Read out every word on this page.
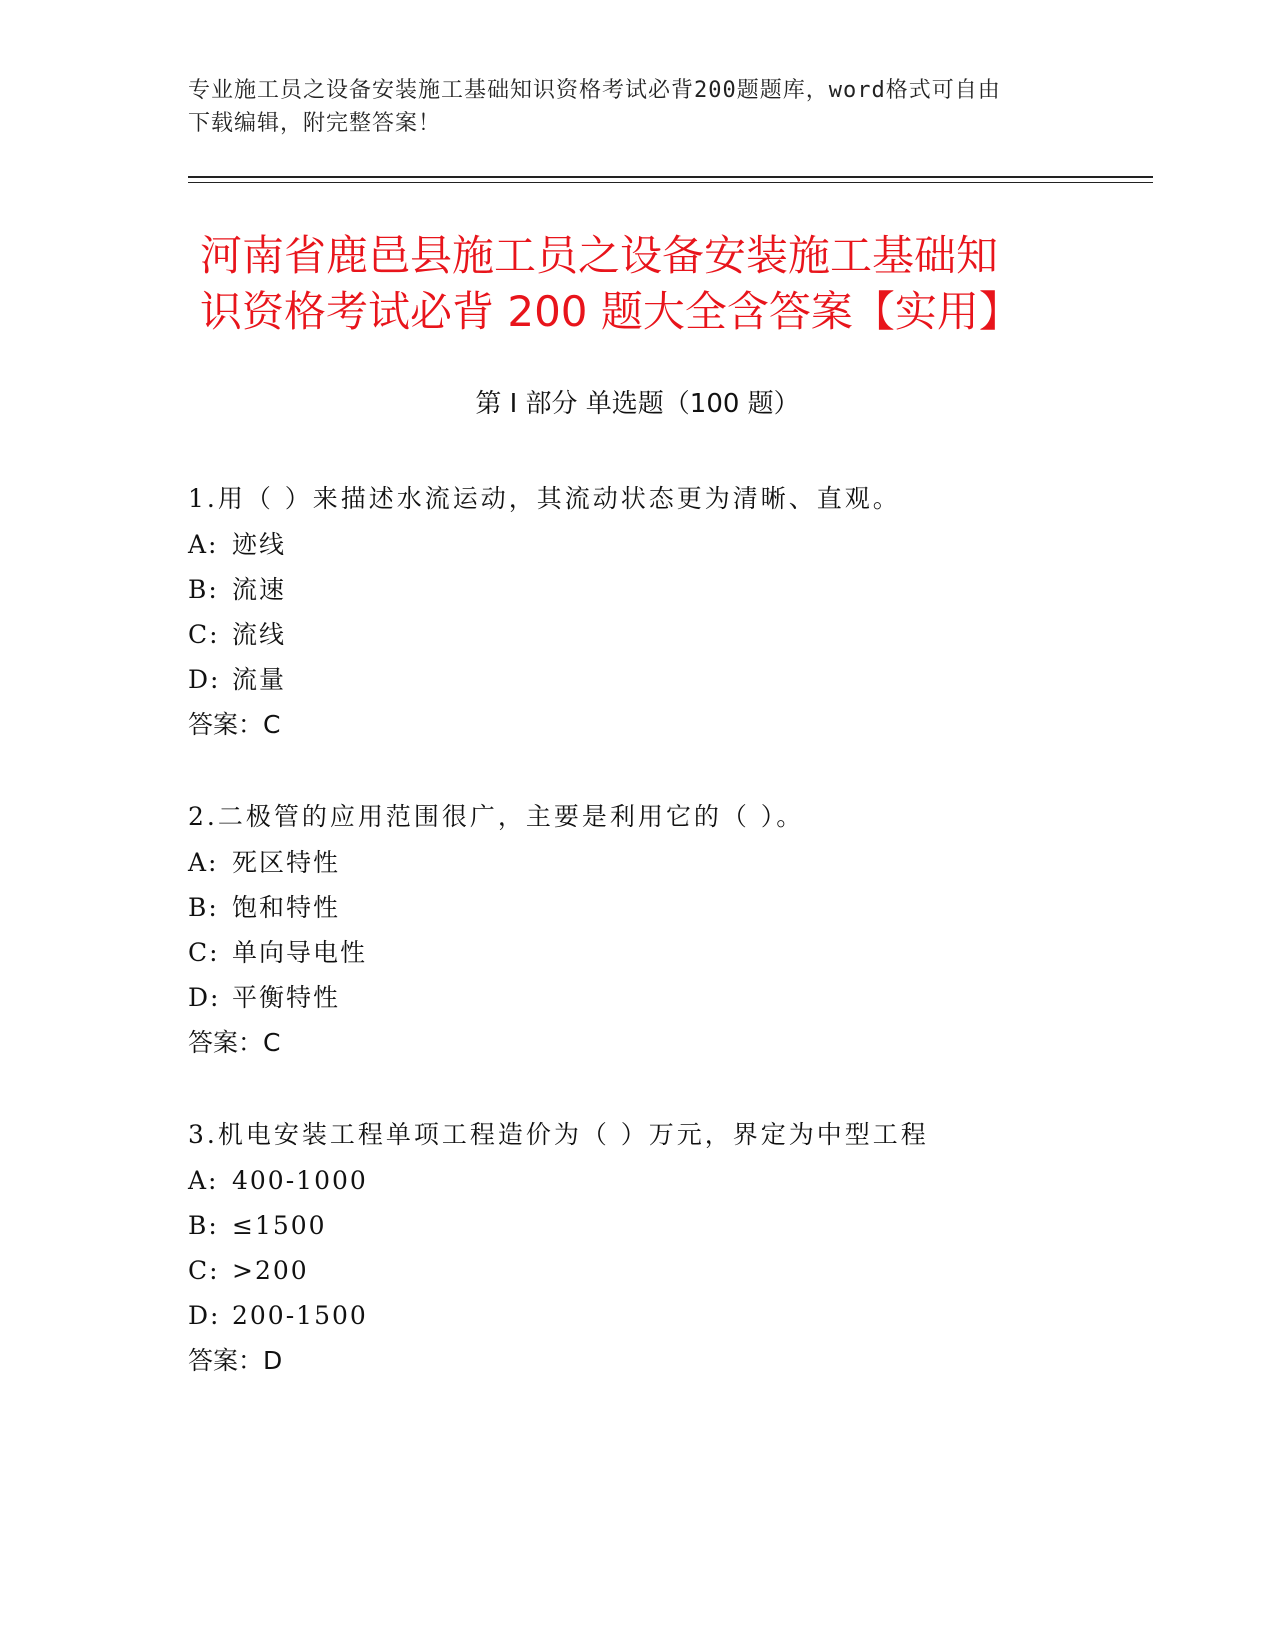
专业施工员之设备安装施工基础知识资格考试必背200题题库，word格式可自由
下载编辑，附完整答案！
河南省鹿邑县施工员之设备安装施工基础知
识资格考试必背 200 题大全含答案【实用】
第 I 部分 单选题（100 题）
1.用（ ）来描述水流运动，其流动状态更为清晰、直观。
A: 迹线
B: 流速
C: 流线
D: 流量
答案：C
2.二极管的应用范围很广，主要是利用它的（ ）。
A: 死区特性
B: 饱和特性
C: 单向导电性
D: 平衡特性
答案：C
3.机电安装工程单项工程造价为（ ）万元，界定为中型工程
A: 400-1000
B: ≤1500
C: >200
D: 200-1500
答案：D
